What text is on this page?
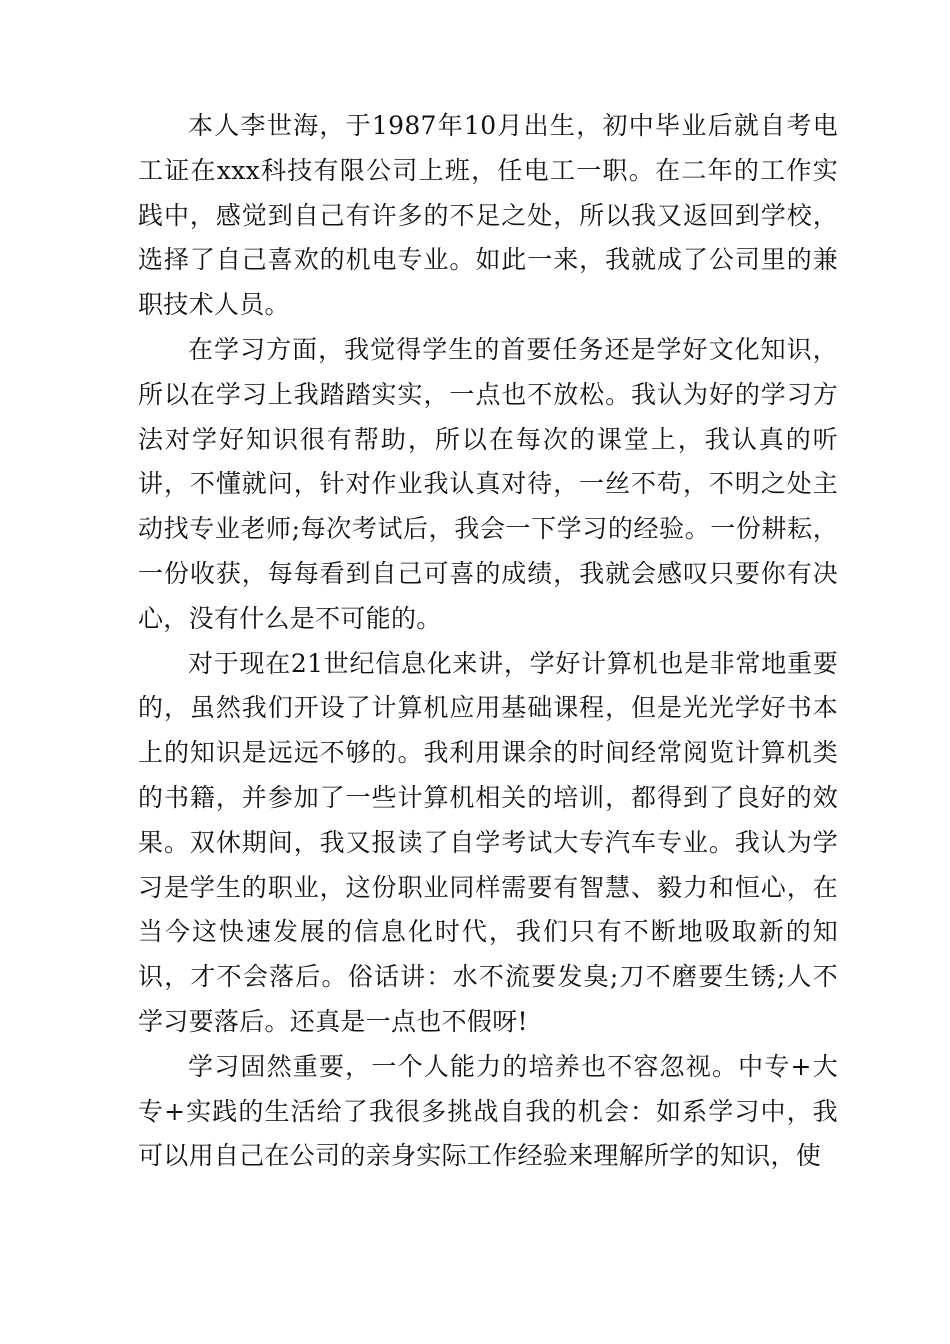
本人李世海，于1987年10月出生，初中毕业后就自考电工证在xxx科技有限公司上班，任电工一职。在二年的工作实践中，感觉到自己有许多的不足之处，所以我又返回到学校，选择了自己喜欢的机电专业。如此一来，我就成了公司里的兼职技术人员。

在学习方面，我觉得学生的首要任务还是学好文化知识，所以在学习上我踏踏实实，一点也不放松。我认为好的学习方法对学好知识很有帮助，所以在每次的课堂上，我认真的听讲，不懂就问，针对作业我认真对待，一丝不苟，不明之处主动找专业老师;每次考试后，我会一下学习的经验。一份耕耘，一份收获，每每看到自己可喜的成绩，我就会感叹只要你有决心，没有什么是不可能的。

对于现在21世纪信息化来讲，学好计算机也是非常地重要的，虽然我们开设了计算机应用基础课程，但是光光学好书本上的知识是远远不够的。我利用课余的时间经常阅览计算机类的书籍，并参加了一些计算机相关的培训，都得到了良好的效果。双休期间，我又报读了自学考试大专汽车专业。我认为学习是学生的职业，这份职业同样需要有智慧、毅力和恒心，在当今这快速发展的信息化时代，我们只有不断地吸取新的知识，才不会落后。俗话讲：水不流要发臭;刀不磨要生锈;人不学习要落后。还真是一点也不假呀!

学习固然重要，一个人能力的培养也不容忽视。中专+大专+实践的生活给了我很多挑战自我的机会：如系学习中，我可以用自己在公司的亲身实际工作经验来理解所学的知识，使
